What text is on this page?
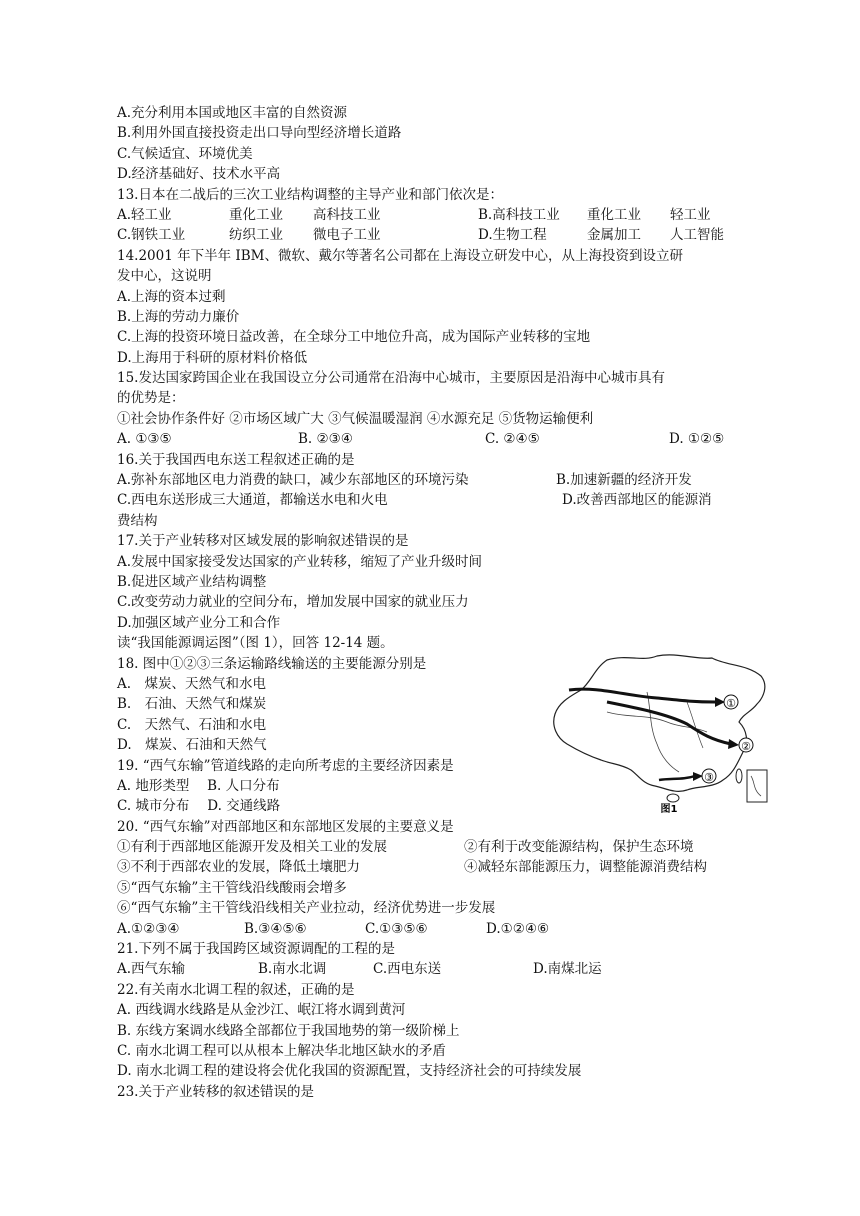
A.充分利用本国或地区丰富的自然资源
B.利用外国直接投资走出口导向型经济增长道路
C.气候适宜、环境优美
D.经济基础好、技术水平高
13.日本在二战后的三次工业结构调整的主导产业和部门依次是：
A.轻工业	重化工业 高科技工业	B.高科技工业 重化工业 轻工业
C.钢铁工业	纺织工业 微电子工业	D.生物工程	金属加工 人工智能
14.2001 年下半年 IBM、微软、戴尔等著名公司都在上海设立研发中心，从上海投资到设立研
发中心，这说明
A.上海的资本过剩
B.上海的劳动力廉价
C.上海的投资环境日益改善，在全球分工中地位升高，成为国际产业转移的宝地
D.上海用于科研的原材料价格低
15.发达国家跨国企业在我国设立分公司通常在沿海中心城市，主要原因是沿海中心城市具有
的优势是：
①社会协作条件好 ②市场区域广大 ③气候温暖湿润 ④水源充足 ⑤货物运输便利
A. ①③⑤	B. ②③④	C. ②④⑤	D. ①②⑤
16.关于我国西电东送工程叙述正确的是
A.弥补东部地区电力消费的缺口，减少东部地区的环境污染	B.加速新疆的经济开发
C.西电东送形成三大通道，都输送水电和火电	D.改善西部地区的能源消
费结构
17.关于产业转移对区域发展的影响叙述错误的是
A.发展中国家接受发达国家的产业转移，缩短了产业升级时间
B.促进区域产业结构调整
C.改变劳动力就业的空间分布，增加发展中国家的就业压力
D.加强区域产业分工和合作
读“我国能源调运图”（图 1），回答 12-14 题。
18. 图中①②③三条运输路线输送的主要能源分别是
A.　煤炭、天然气和水电
B.　石油、天然气和煤炭
C.　天然气、石油和水电
D.　煤炭、石油和天然气
19. “西气东输”管道线路的走向所考虑的主要经济因素是
A. 地形类型　 B. 人口分布
C. 城市分布　 D. 交通线路
20. “西气东输”对西部地区和东部地区发展的主要意义是
①有利于西部地区能源开发及相关工业的发展	②有利于改变能源结构，保护生态环境
③不利于西部农业的发展，降低土壤肥力	④减轻东部能源压力，调整能源消费结构
⑤“西气东输”主干管线沿线酸雨会增多
⑥“西气东输”主干管线沿线相关产业拉动，经济优势进一步发展
A.①②③④	B.③④⑤⑥	C.①③⑤⑥	D.①②④⑥
21.下列不属于我国跨区域资源调配的工程的是
A.西气东输	B.南水北调	C.西电东送	D.南煤北运
22.有关南水北调工程的叙述，正确的是
A. 西线调水线路是从金沙江、岷江将水调到黄河
B. 东线方案调水线路全部都位于我国地势的第一级阶梯上
C. 南水北调工程可以从根本上解决华北地区缺水的矛盾
D. 南水北调工程的建设将会优化我国的资源配置，支持经济社会的可持续发展
23.关于产业转移的叙述错误的是
①
②
③
图1
